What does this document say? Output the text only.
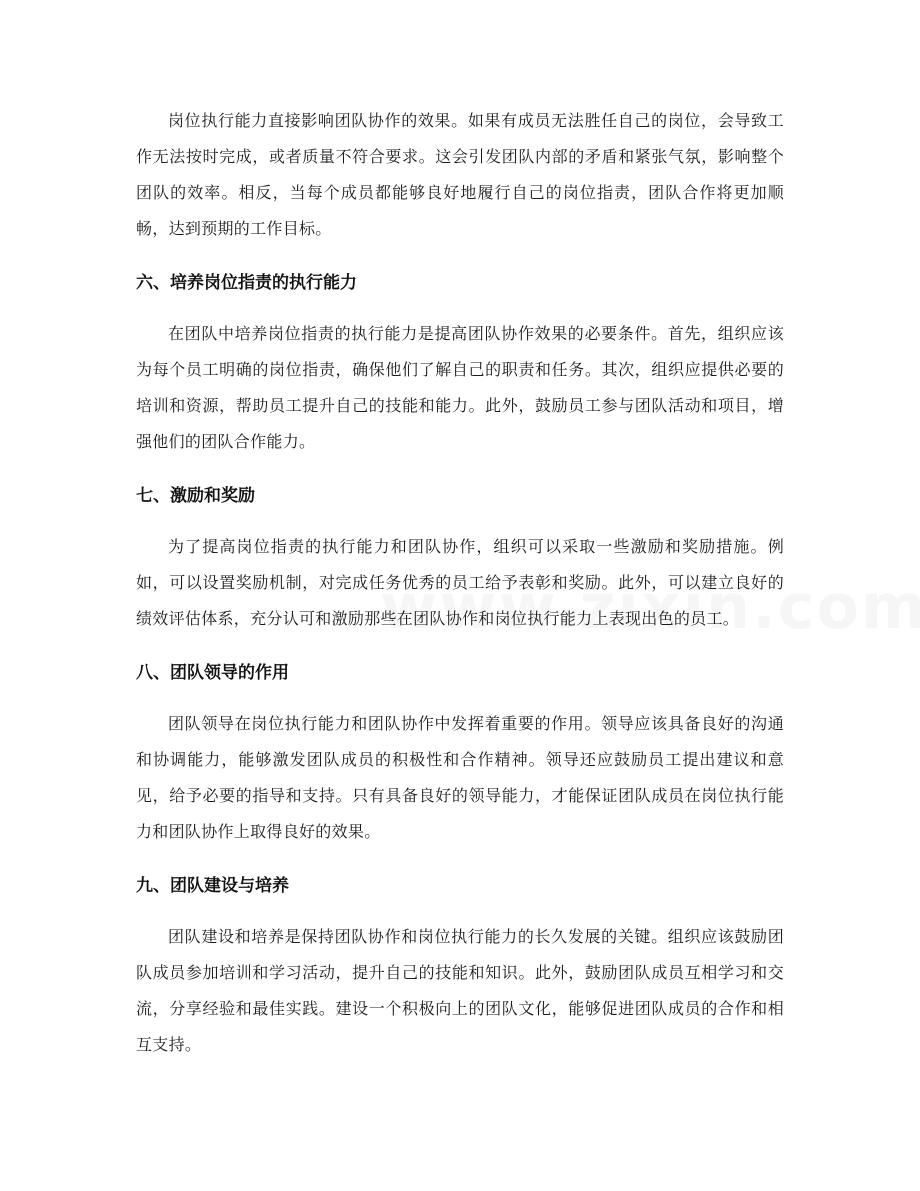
岗位执行能力直接影响团队协作的效果。如果有成员无法胜任自己的岗位，会导致工作无法按时完成，或者质量不符合要求。这会引发团队内部的矛盾和紧张气氛，影响整个团队的效率。相反，当每个成员都能够良好地履行自己的岗位指责，团队合作将更加顺畅，达到预期的工作目标。

六、培养岗位指责的执行能力

在团队中培养岗位指责的执行能力是提高团队协作效果的必要条件。首先，组织应该为每个员工明确的岗位指责，确保他们了解自己的职责和任务。其次，组织应提供必要的培训和资源，帮助员工提升自己的技能和能力。此外，鼓励员工参与团队活动和项目，增强他们的团队合作能力。

七、激励和奖励

为了提高岗位指责的执行能力和团队协作，组织可以采取一些激励和奖励措施。例如，可以设置奖励机制，对完成任务优秀的员工给予表彰和奖励。此外，可以建立良好的绩效评估体系，充分认可和激励那些在团队协作和岗位执行能力上表现出色的员工。

八、团队领导的作用

团队领导在岗位执行能力和团队协作中发挥着重要的作用。领导应该具备良好的沟通和协调能力，能够激发团队成员的积极性和合作精神。领导还应鼓励员工提出建议和意见，给予必要的指导和支持。只有具备良好的领导能力，才能保证团队成员在岗位执行能力和团队协作上取得良好的效果。

九、团队建设与培养

团队建设和培养是保持团队协作和岗位执行能力的长久发展的关键。组织应该鼓励团队成员参加培训和学习活动，提升自己的技能和知识。此外，鼓励团队成员互相学习和交流，分享经验和最佳实践。建设一个积极向上的团队文化，能够促进团队成员的合作和相互支持。
